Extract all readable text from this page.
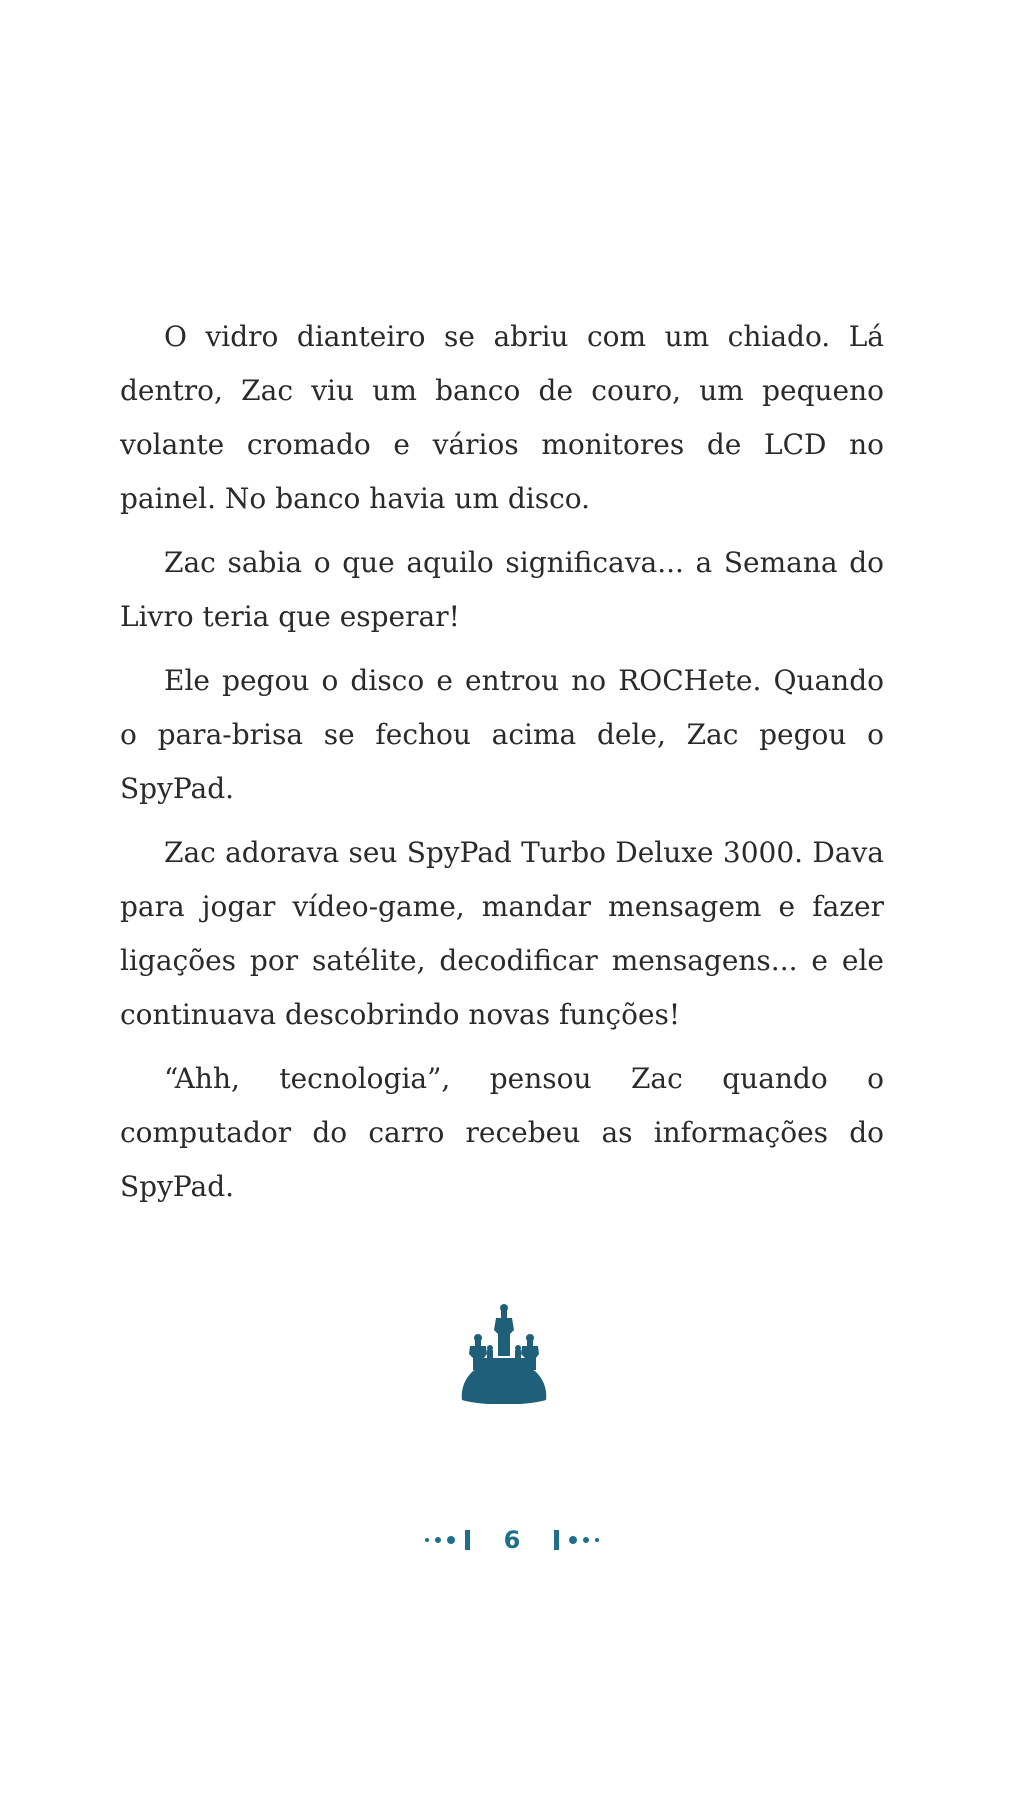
O vidro dianteiro se abriu com um chiado. Lá dentro, Zac viu um banco de couro, um pequeno volante cromado e vários monitores de LCD no painel. No banco havia um disco.

Zac sabia o que aquilo significava... a Semana do Livro teria que esperar!

Ele pegou o disco e entrou no ROCHete. Quando o para-brisa se fechou acima dele, Zac pegou o SpyPad.

Zac adorava seu SpyPad Turbo Deluxe 3000. Dava para jogar vídeo-game, mandar mensagem e fazer ligações por satélite, decodificar mensagens... e ele continuava descobrindo novas funções!

“Ahh, tecnologia”, pensou Zac quando o computador do carro recebeu as informações do SpyPad.

6
